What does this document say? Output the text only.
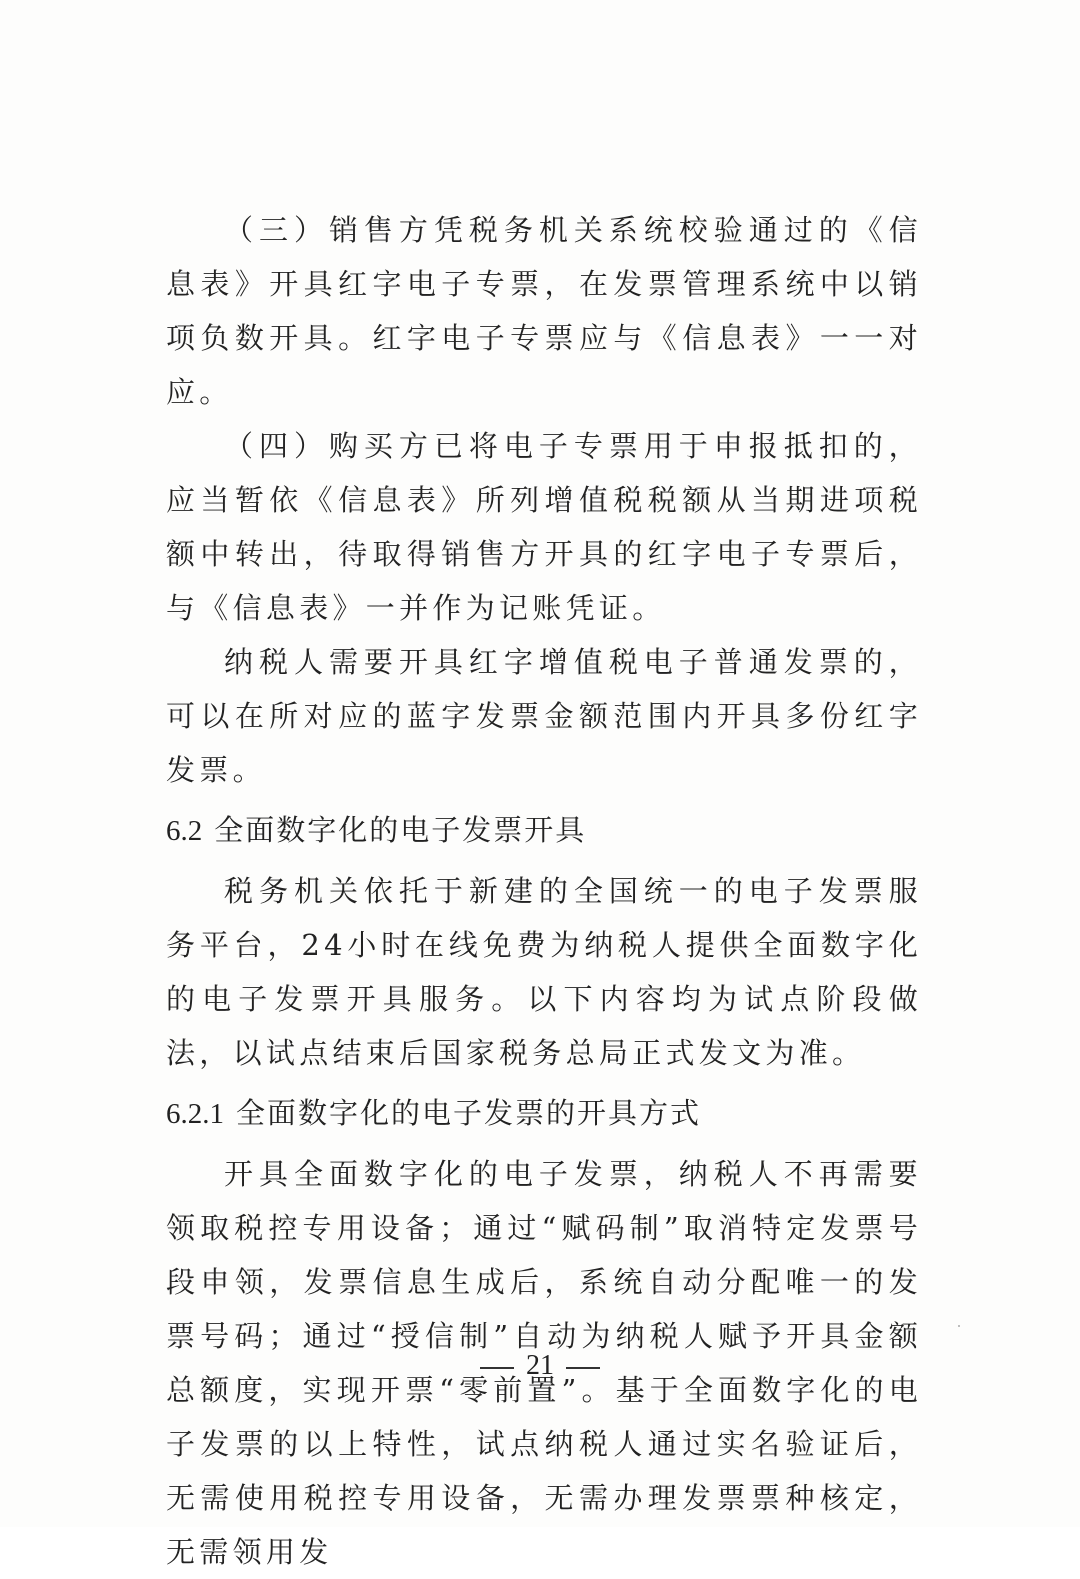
（三）销售方凭税务机关系统校验通过的《信息表》开具红字电子专票，在发票管理系统中以销项负数开具。红字电子专票应与《信息表》一一对应。

（四）购买方已将电子专票用于申报抵扣的，应当暂依《信息表》所列增值税税额从当期进项税额中转出，待取得销售方开具的红字电子专票后，与《信息表》一并作为记账凭证。

纳税人需要开具红字增值税电子普通发票的，可以在所对应的蓝字发票金额范围内开具多份红字发票。

6.2 全面数字化的电子发票开具

税务机关依托于新建的全国统一的电子发票服务平台，24小时在线免费为纳税人提供全面数字化的电子发票开具服务。以下内容均为试点阶段做法，以试点结束后国家税务总局正式发文为准。

6.2.1 全面数字化的电子发票的开具方式

开具全面数字化的电子发票，纳税人不再需要领取税控专用设备；通过“赋码制”取消特定发票号段申领，发票信息生成后，系统自动分配唯一的发票号码；通过“授信制”自动为纳税人赋予开具金额总额度，实现开票“零前置”。基于全面数字化的电子发票的以上特性，试点纳税人通过实名验证后，无需使用税控专用设备，无需办理发票票种核定，无需领用发

21
